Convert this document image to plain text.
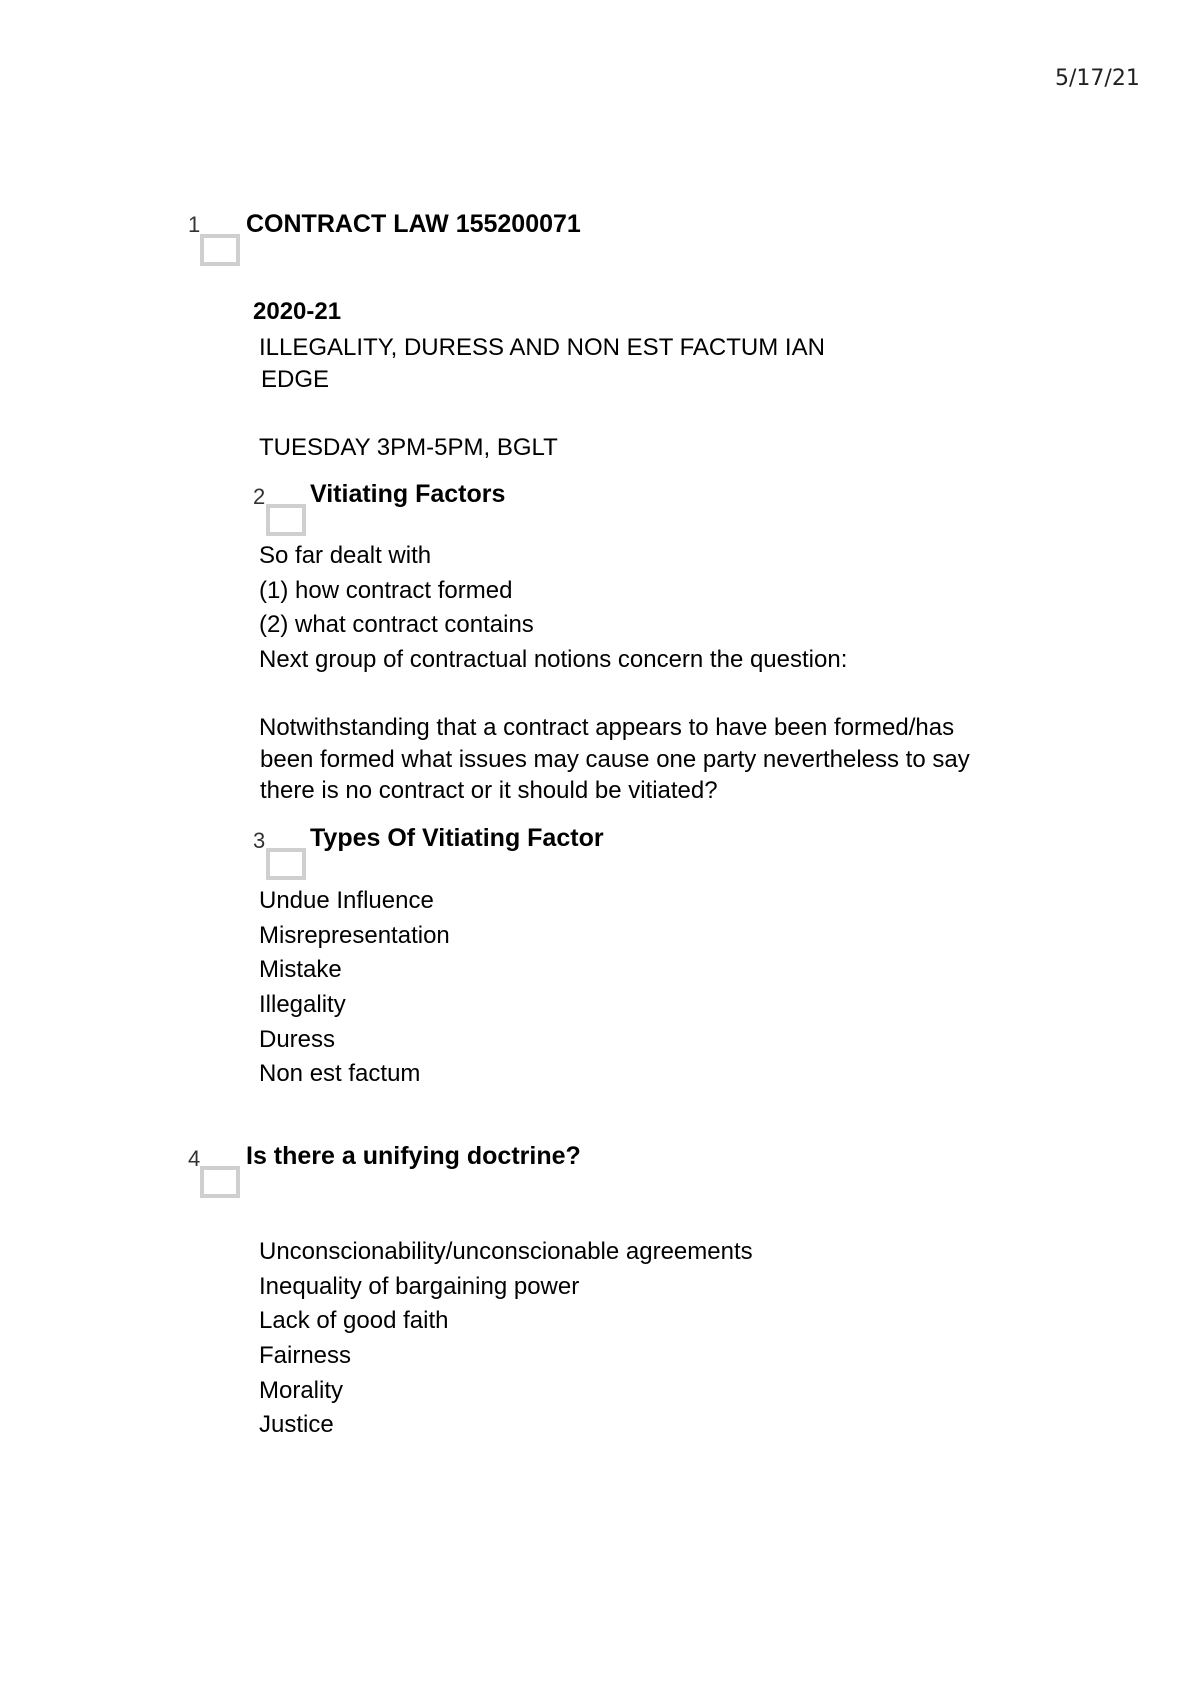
5/17/21
1 CONTRACT LAW 155200071
2020-21
ILLEGALITY, DURESS AND NON EST FACTUM IAN
EDGE
TUESDAY 3PM-5PM, BGLT
2 Vitiating Factors
So far dealt with
(1) how contract formed
(2) what contract contains
Next group of contractual notions concern the question:
Notwithstanding that a contract appears to have been formed/has
been formed what issues may cause one party nevertheless to say
there is no contract or it should be vitiated?
3 Types Of Vitiating Factor
Undue Influence
Misrepresentation
Mistake
Illegality
Duress
Non est factum
4 Is there a unifying doctrine?
Unconscionability/unconscionable agreements
Inequality of bargaining power
Lack of good faith
Fairness
Morality
Justice
